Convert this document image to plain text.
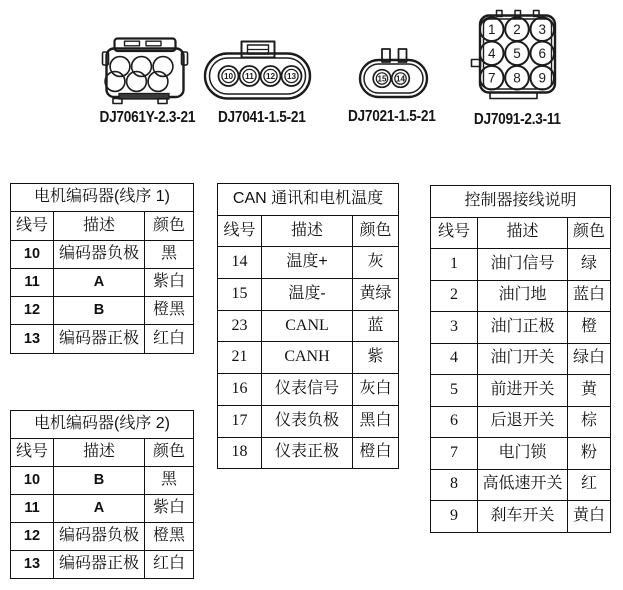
23 21 NC
16 17 18
10 11 12 13	15 14
1 2 3
4 5 6
7 8 9
DJ7061Y-2.3-21	DJ7041-1.5-21	DJ7021-1.5-21	DJ7091-2.3-11
电机编码器(线序 1)		
线号	描述	颜色
10	编码器负极	黑
11	A	紫白
12	B	橙黑
13	编码器正极	红白
CAN 通讯和电机温度		
线号	描述	颜色
14	温度+	灰
15	温度-	黄绿
23	CANL	蓝
21	CANH	紫
16	仪表信号	灰白
17	仪表负极	黑白
18	仪表正极	橙白
控制器接线说明		
线号	描述	颜色
1	油门信号	绿
2	油门地	蓝白
3	油门正极	橙
4	油门开关	绿白
5	前进开关	黄
6	后退开关	棕
7	电门锁	粉
8	高低速开关	红
9	刹车开关	黄白
电机编码器(线序 2)		
线号	描述	颜色
10	B	黑
11	A	紫白
12	编码器负极	橙黑
13	编码器正极	红白
